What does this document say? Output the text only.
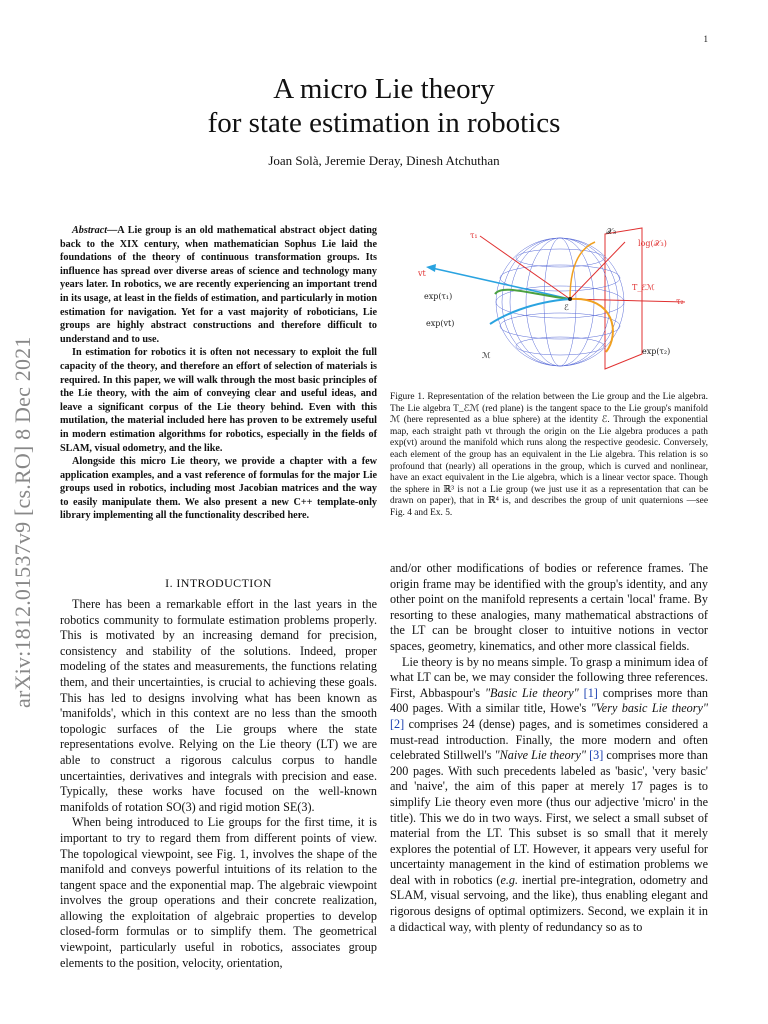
1
arXiv:1812.01537v9 [cs.RO] 8 Dec 2021
A micro Lie theory
for state estimation in robotics
Joan Solà, Jeremie Deray, Dinesh Atchuthan

Abstract—A Lie group is an old mathematical abstract object dating back to the XIX century, when mathematician Sophus Lie laid the foundations of the theory of continuous transformation groups. Its influence has spread over diverse areas of science and technology many years later. In robotics, we are recently experiencing an important trend in its usage, at least in the fields of estimation, and particularly in motion estimation for navigation. Yet for a vast majority of roboticians, Lie groups are highly abstract constructions and therefore difficult to understand and to use.

In estimation for robotics it is often not necessary to exploit the full capacity of the theory, and therefore an effort of selection of materials is required. In this paper, we will walk through the most basic principles of the Lie theory, with the aim of conveying clear and useful ideas, and leave a significant corpus of the Lie theory behind. Even with this mutilation, the material included here has proven to be extremely useful in modern estimation algorithms for robotics, especially in the fields of SLAM, visual odometry, and the like.

Alongside this micro Lie theory, we provide a chapter with a few application examples, and a vast reference of formulas for the major Lie groups used in robotics, including most Jacobian matrices and the way to easily manipulate them. We also present a new C++ template-only library implementing all the functionality described here.

τ₁	𝒳₃
log(𝒳₃)
vt
exp(τ₁)
ℰ
T_ℰℳ
τ₂
exp(vt)
ℳ	exp(τ₂)
Figure 1. Representation of the relation between the Lie group and the Lie algebra. The Lie algebra T_ℰℳ (red plane) is the tangent space to the Lie group's manifold ℳ (here represented as a blue sphere) at the identity ℰ. Through the exponential map, each straight path vt through the origin on the Lie algebra produces a path exp(vt) around the manifold which runs along the respective geodesic. Conversely, each element of the group has an equivalent in the Lie algebra. This relation is so profound that (nearly) all operations in the group, which is curved and nonlinear, have an exact equivalent in the Lie algebra, which is a linear vector space. Though the sphere in ℝ³ is not a Lie group (we just use it as a representation that can be drawn on paper), that in ℝ⁴ is, and describes the group of unit quaternions —see Fig. 4 and Ex. 5.
I. INTRODUCTION

There has been a remarkable effort in the last years in the robotics community to formulate estimation problems properly. This is motivated by an increasing demand for precision, consistency and stability of the solutions. Indeed, proper modeling of the states and measurements, the functions relating them, and their uncertainties, is crucial to achieving these goals. This has led to designs involving what has been known as 'manifolds', which in this context are no less than the smooth topologic surfaces of the Lie groups where the state representations evolve. Relying on the Lie theory (LT) we are able to construct a rigorous calculus corpus to handle uncertainties, derivatives and integrals with precision and ease. Typically, these works have focused on the well-known manifolds of rotation SO(3) and rigid motion SE(3).

When being introduced to Lie groups for the first time, it is important to try to regard them from different points of view. The topological viewpoint, see Fig. 1, involves the shape of the manifold and conveys powerful intuitions of its relation to the tangent space and the exponential map. The algebraic viewpoint involves the group operations and their concrete realization, allowing the exploitation of algebraic properties to develop closed-form formulas or to simplify them. The geometrical viewpoint, particularly useful in robotics, associates group elements to the position, velocity, orientation,

and/or other modifications of bodies or reference frames. The origin frame may be identified with the group's identity, and any other point on the manifold represents a certain 'local' frame. By resorting to these analogies, many mathematical abstractions of the LT can be brought closer to intuitive notions in vector spaces, geometry, kinematics, and other more classical fields.

Lie theory is by no means simple. To grasp a minimum idea of what LT can be, we may consider the following three references. First, Abbaspour's "Basic Lie theory" [1] comprises more than 400 pages. With a similar title, Howe's "Very basic Lie theory" [2] comprises 24 (dense) pages, and is sometimes considered a must-read introduction. Finally, the more modern and often celebrated Stillwell's "Naive Lie theory" [3] comprises more than 200 pages. With such precedents labeled as 'basic', 'very basic' and 'naive', the aim of this paper at merely 17 pages is to simplify Lie theory even more (thus our adjective 'micro' in the title). This we do in two ways. First, we select a small subset of material from the LT. This subset is so small that it merely explores the potential of LT. However, it appears very useful for uncertainty management in the kind of estimation problems we deal with in robotics (e.g. inertial pre-integration, odometry and SLAM, visual servoing, and the like), thus enabling elegant and rigorous designs of optimal optimizers. Second, we explain it in a didactical way, with plenty of redundancy so as to
